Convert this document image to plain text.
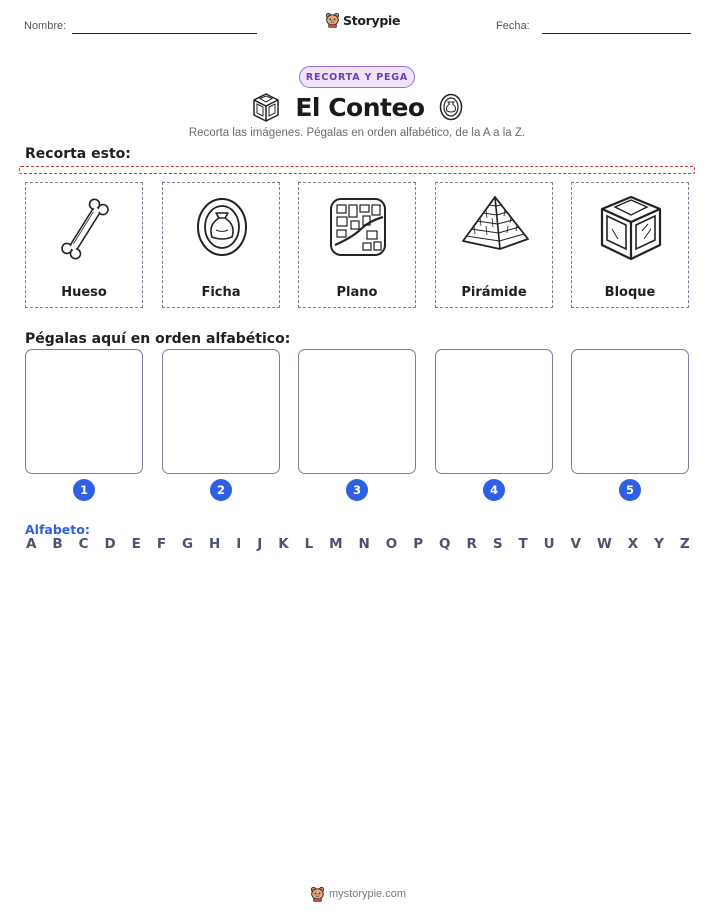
Nombre:	Storypie	Fecha:
RECORTA Y PEGA
El Conteo
Recorta las imágenes. Pégalas en orden alfabético, de la A a la Z.
Recorta esto:
Hueso	Ficha	Plano	Pirámide	Bloque
Pégalas aquí en orden alfabético:
1	2	3	4	5
Alfabeto:
A B C D E F G H I J K L M N O P Q R S T U V W X Y Z
mystorypie.com
